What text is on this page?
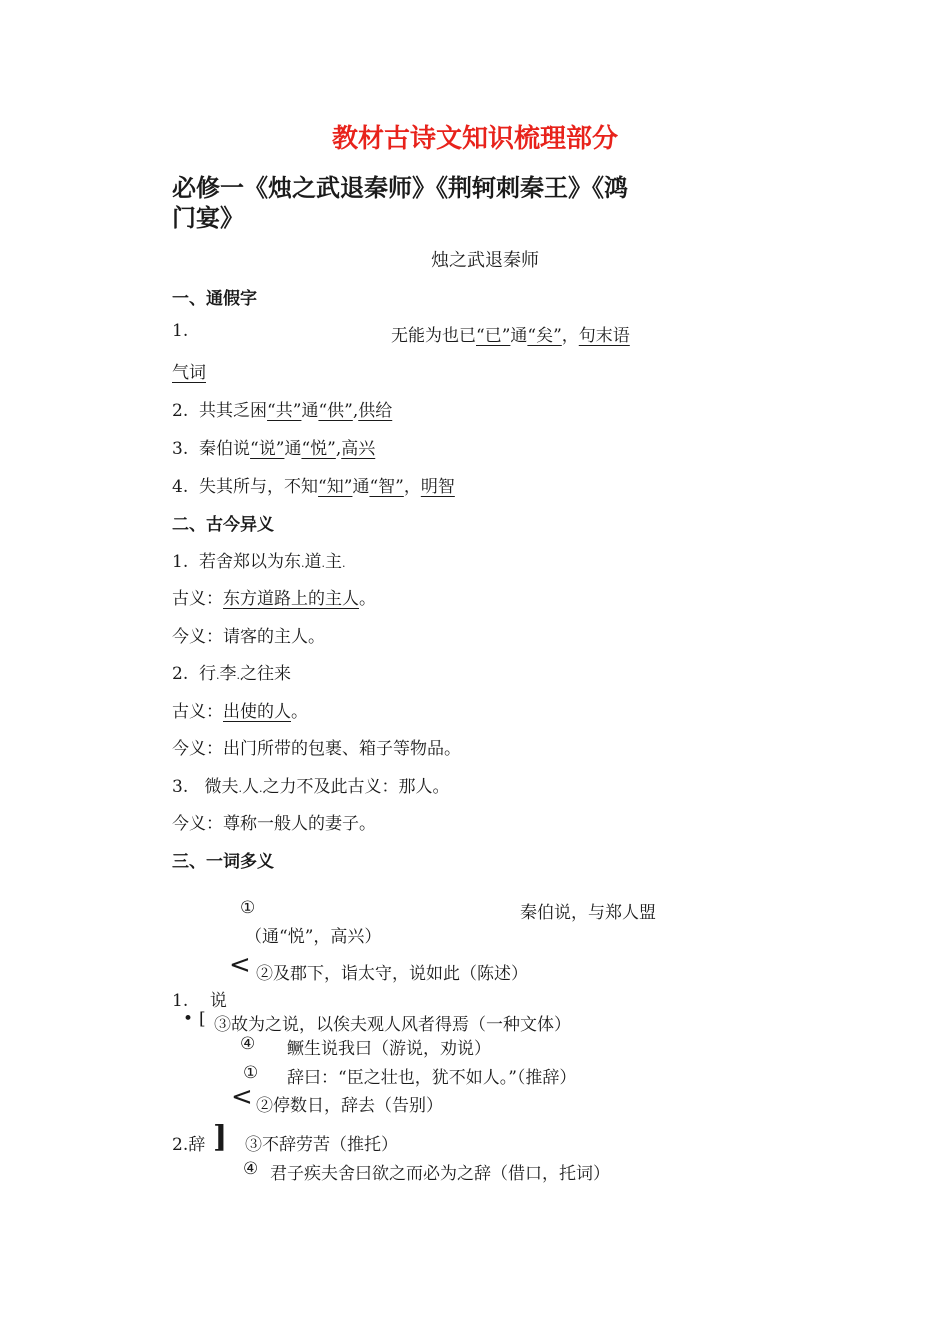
教材古诗文知识梳理部分
必修一《烛之武退秦师》《荆轲刺秦王》《鸿
门宴》
烛之武退秦师
一、通假字
1.	无能为也已“已”通“矣”，句末语
气词
2. 共其乏困“共”通“供”,供给
3. 秦伯说“说”通“悦”,高兴
4. 失其所与，不知“知”通“智”，明智
二、古今异义
1. 若舍郑以为东.道.主.
古义：东方道路上的主人。
今义：请客的主人。
2. 行.李.之往来
古义：出使的人。
今义：出门所带的包裹、箱子等物品。
3. 微夫.人.之力不及此古义：那人。
今义：尊称一般人的妻子。
三、一词多义
①	秦伯说，与郑人盟
（通“悦”，高兴）
< ②及郡下，诣太守，说如此（陈述）
1. 说
• [ ③故为之说，以俟夫观人风者得焉（一种文体）
④ 鳜生说我曰（游说，劝说）
① 辞曰：“臣之壮也，犹不如人。”（推辞）
< ②停数日，辞去（告别）
2.辞 ] ③不辞劳苦（推托）
④ 君子疾夫舍曰欲之而必为之辞（借口，托词）
